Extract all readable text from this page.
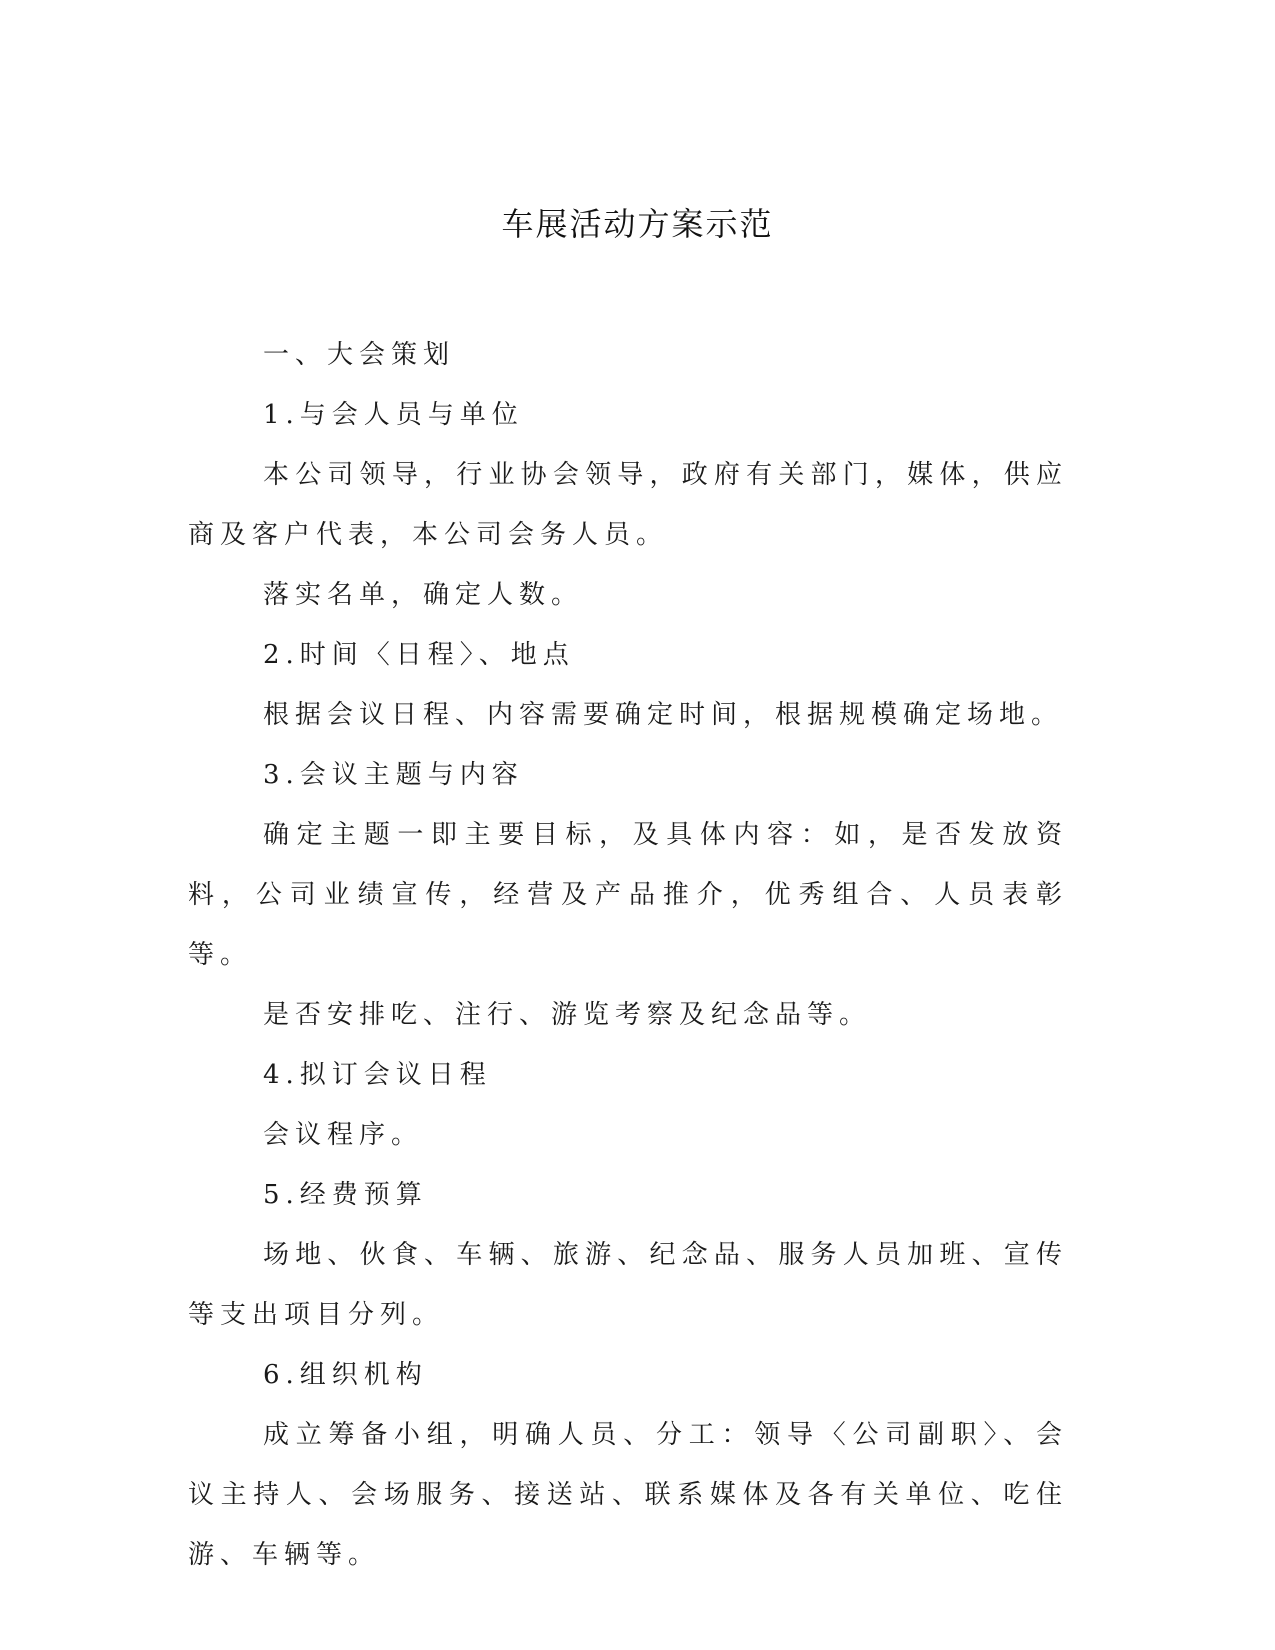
车展活动方案示范

一、大会策划

1.与会人员与单位

本公司领导，行业协会领导，政府有关部门，媒体，供应商及客户代表，本公司会务人员。

落实名单，确定人数。

2.时间〈日程〉、地点

根据会议日程、内容需要确定时间，根据规模确定场地。

3.会议主题与内容

确定主题一即主要目标，及具体内容：如，是否发放资料，公司业绩宣传，经营及产品推介，优秀组合、人员表彰等。

是否安排吃、注行、游览考察及纪念品等。

4.拟订会议日程

会议程序。

5.经费预算

场地、伙食、车辆、旅游、纪念品、服务人员加班、宣传等支出项目分列。

6.组织机构

成立筹备小组，明确人员、分工：领导〈公司副职〉、会议主持人、会场服务、接送站、联系媒体及各有关单位、吃住游、车辆等。
